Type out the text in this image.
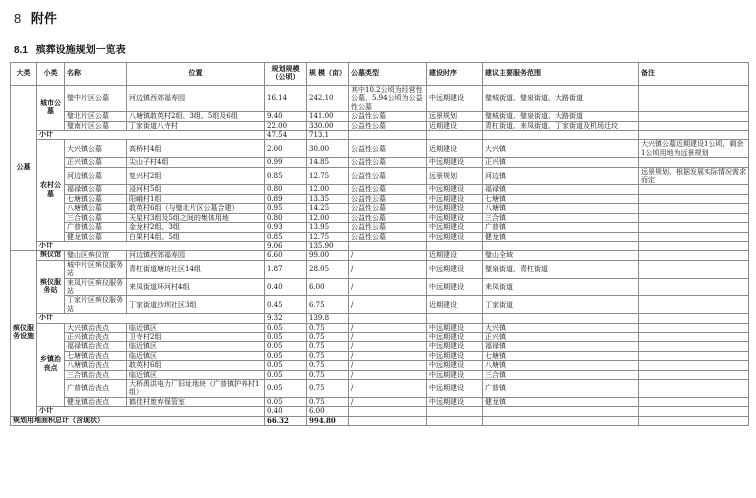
8 附件
8.1 殡葬设施规划一览表
大类	小类	名称	位置	规划规模（公顷）	规 模（亩）	公墓类型	建设时序	建议主要服务范围	备注
公墓	城市公墓	璧中片区公墓	河边镇西郊福寿园	16.14	242.10	其中10.2公顷为经营性公墓，5.94公顷为公益性公墓	中远期建设	璧城街道、璧泉街道、大路街道	
		璧北片区公墓	八塘镇敢英村2组、3组、5组及6组	9.40	141.00	公益性公墓	远景规划	璧城街道、璧泉街道、大路街道	
		璧南片区公墓	丁家街道八寺村	22.00	330.00	公益性公墓	近期建设	青杠街道、来凤街道、丁家街道及机场迁坟	
	小计			47.54	713.1				
	农村公墓	大兴镇公墓	高桥村4组	2.00	30.00	公益性公墓	近期建设	大兴镇	大兴镇公墓近期建设1公顷，剩余1公顷用地为远景规划
		正兴镇公墓	尖山子村4组	0.99	14.85	公益性公墓	中远期建设	正兴镇	
		河边镇公墓	复兴村2组	0.85	12.75	公益性公墓	远景规划	河边镇	远景规划，根据发展实际情况需求而定
		福禄镇公墓	浸河村5组	0.80	12.00	公益性公墓	中远期建设	福禄镇	
		七塘镇公墓	阳峨村1组	0.89	13.35	公益性公墓	中远期建设	七塘镇	
		八塘镇公墓	敢英村6组（与璧北片区公墓合建）	0.95	14.25	公益性公墓	中远期建设	八塘镇	
		三合镇公墓	天星村3组及5组之间的集体用地	0.80	12.00	公益性公墓	中远期建设	三合镇	
		广普镇公墓	金龙村2组、3组	0.93	13.95	公益性公墓	中远期建设	广普镇	
		健龙镇公墓	白果村4组、5组	0.85	12.75	公益性公墓	中远期建设	健龙镇	
	小计			9.06	135.90				
殡仪服务设施	殡仪馆	璧山区殡仪馆	河边镇西郊福寿园	6.60	99.00	/	近期建设	璧山全域	
	殡仪服务站	城中片区殡仪服务站	青杠街道塘坊社区14组	1.87	28.05	/	中远期建设	璧泉街道、青杠街道	
		来凤片区殡仪服务站	来凤街道环河村4组	0.40	6.00	/	中远期建设	来凤街道	
		丁家片区殡仪服务站	丁家街道沙坝社区3组	0.45	6.75	/	近期建设	丁家街道	
	小计			9.32	139.8				
	乡镇治丧点	大兴镇治丧点	临近镇区	0.05	0.75	/	中远期建设	大兴镇	
		正兴镇治丧点	卫寺村2组	0.05	0.75	/	中远期建设	正兴镇	
		福禄镇治丧点	临近镇区	0.05	0.75	/	中远期建设	福禄镇	
		七塘镇治丧点	临近镇区	0.05	0.75	/	中远期建设	七塘镇	
		八塘镇治丧点	敢英村6组	0.05	0.75	/	中远期建设	八塘镇	
		三合镇治丧点	临近镇区	0.05	0.75	/	中远期建设	三合镇	
		广普镇治丧点	大桥禹洪电力厂旧址地块（广普镇护养村1组）	0.05	0.75	/	中远期建设	广普镇	
		健龙镇治丧点	鹤佳村废弃保管室	0.05	0.75	/	中远期建设	健龙镇	
	小计			0.40	6.00				
规划用地面积总计（含现状）				66.32	994.80				
